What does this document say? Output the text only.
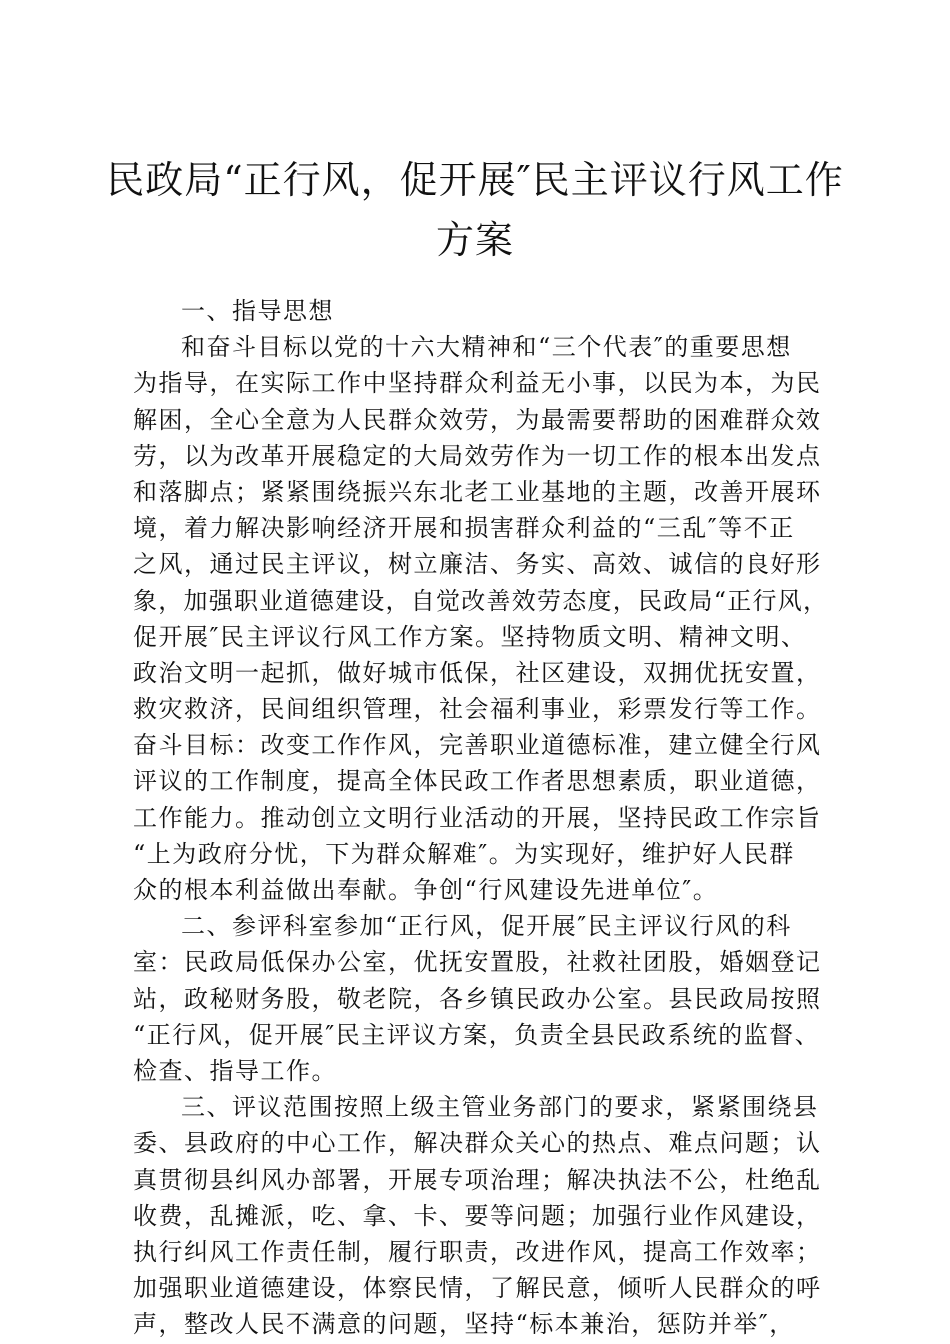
民政局“正行风，促开展″民主评议行风工作
方案

一、指导思想

和奋斗目标以党的十六大精神和“三个代表″的重要思想

为指导，在实际工作中坚持群众利益无小事，以民为本，为民

解困，全心全意为人民群众效劳，为最需要帮助的困难群众效

劳，以为改革开展稳定的大局效劳作为一切工作的根本出发点

和落脚点；紧紧围绕振兴东北老工业基地的主题，改善开展环

境，着力解决影响经济开展和损害群众利益的“三乱″等不正

之风，通过民主评议，树立廉洁、务实、高效、诚信的良好形

象，加强职业道德建设，自觉改善效劳态度，民政局“正行风，

促开展″民主评议行风工作方案。坚持物质文明、精神文明、

政治文明一起抓，做好城市低保，社区建设，双拥优抚安置，

救灾救济，民间组织管理，社会福利事业，彩票发行等工作。

奋斗目标：改变工作作风，完善职业道德标准，建立健全行风

评议的工作制度，提高全体民政工作者思想素质，职业道德，

工作能力。推动创立文明行业活动的开展，坚持民政工作宗旨

“上为政府分忧，下为群众解难″。为实现好，维护好人民群

众的根本利益做出奉献。争创“行风建设先进单位″。

二、参评科室参加“正行风，促开展″民主评议行风的科

室：民政局低保办公室，优抚安置股，社救社团股，婚姻登记

站，政秘财务股，敬老院，各乡镇民政办公室。县民政局按照

“正行风，促开展″民主评议方案，负责全县民政系统的监督、

检查、指导工作。

三、评议范围按照上级主管业务部门的要求，紧紧围绕县

委、县政府的中心工作，解决群众关心的热点、难点问题；认

真贯彻县纠风办部署，开展专项治理；解决执法不公，杜绝乱

收费，乱摊派，吃、拿、卡、要等问题；加强行业作风建设，

执行纠风工作责任制，履行职责，改进作风，提高工作效率；

加强职业道德建设，体察民情，了解民意，倾听人民群众的呼

声，整改人民不满意的问题，坚持“标本兼治，惩防并举″，
